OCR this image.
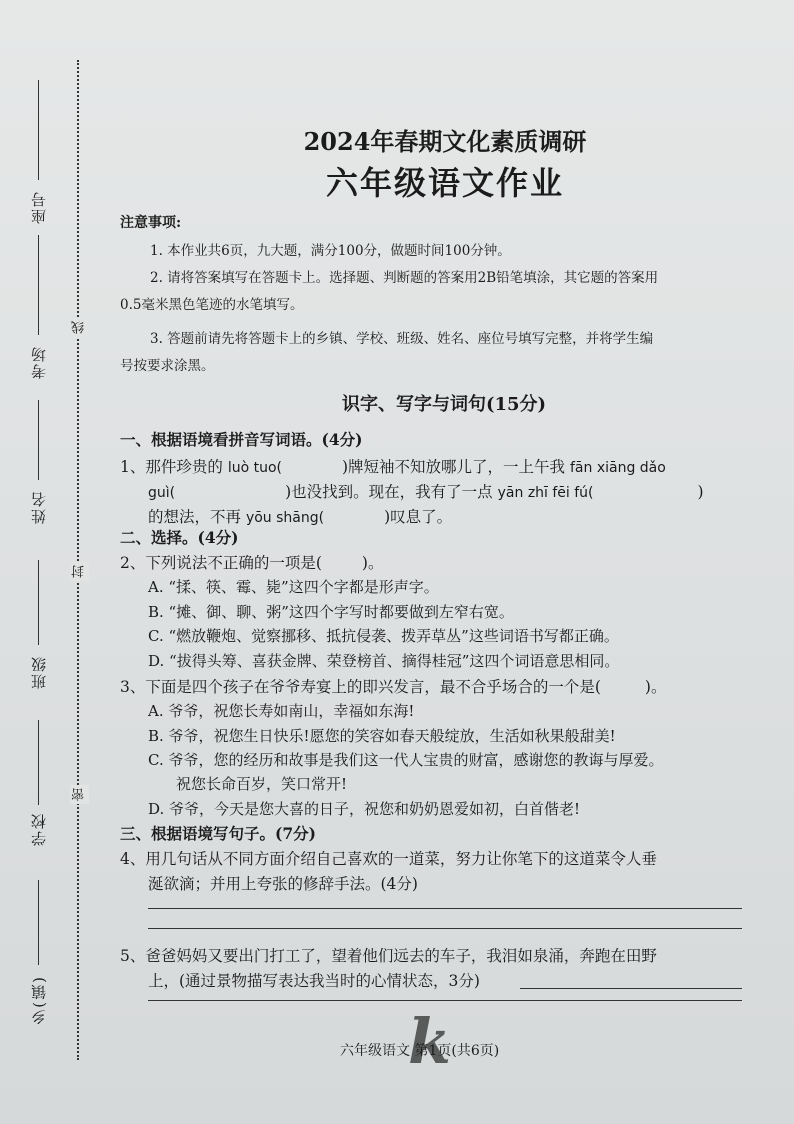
座号
考场
姓名
班级
学校
乡(镇)
线
封
密
2024年春期文化素质调研
六年级语文作业
注意事项:
1. 本作业共6页，九大题，满分100分，做题时间100分钟。
2. 请将答案填写在答题卡上。选择题、判断题的答案用2B铅笔填涂，其它题的答案用
0.5毫米黑色笔迹的水笔填写。
3. 答题前请先将答题卡上的乡镇、学校、班级、姓名、座位号填写完整，并将学生编
号按要求涂黑。
识字、写字与词句(15分)
一、根据语境看拼音写词语。(4分)
1、那件珍贵的 luò tuo(	)牌短袖不知放哪儿了，一上午我 fān xiāng dǎo
guì(	)也没找到。现在，我有了一点 yān zhī fēi fú(	)
的想法，不再 yōu shāng(	)叹息了。
二、选择。(4分)
2、下列说法不正确的一项是(	)。
A. “揉、筷、霉、毙”这四个字都是形声字。
B. “摊、御、聊、粥”这四个字写时都要做到左窄右宽。
C. “燃放鞭炮、觉察挪移、抵抗侵袭、拨弄草丛”这些词语书写都正确。
D. “拔得头筹、喜获金牌、荣登榜首、摘得桂冠”这四个词语意思相同。
3、下面是四个孩子在爷爷寿宴上的即兴发言，最不合乎场合的一个是(	)。
A. 爷爷，祝您长寿如南山，幸福如东海!
B. 爷爷，祝您生日快乐!愿您的笑容如春天般绽放，生活如秋果般甜美!
C. 爷爷，您的经历和故事是我们这一代人宝贵的财富，感谢您的教诲与厚爱。
祝您长命百岁，笑口常开!
D. 爷爷，今天是您大喜的日子，祝您和奶奶恩爱如初，白首偕老!
三、根据语境写句子。(7分)
4、用几句话从不同方面介绍自己喜欢的一道菜，努力让你笔下的这道菜令人垂
涎欲滴；并用上夸张的修辞手法。(4分)
5、爸爸妈妈又要出门打工了，望着他们远去的车子，我泪如泉涌，奔跑在田野
上，(通过景物描写表达我当时的心情状态，3分)
k
六年级语文 第1页(共6页)
